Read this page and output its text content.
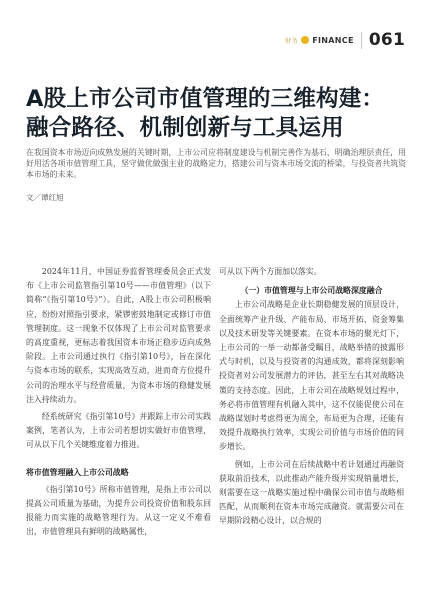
财务 FINANCE 061
A股上市公司市值管理的三维构建：
融合路径、机制创新与工具运用
在我国资本市场迈向成熟发展的关键时期，上市公司应将制度建设与机制完善作为基石，明确治理层责任，用好用活各项市值管理工具，坚守做优做强主业的战略定力，搭建公司与资本市场交流的桥梁，与投资者共筑资本市场的未来。
文／谭红旭

2024年11月，中国证券监督管理委员会正式发布《上市公司监管指引第10号——市值管理》（以下简称“《指引第10号》”）。自此，A股上市公司积极响应，纷纷对照指引要求，紧锣密鼓地制定或修订市值管理制度。这一现象不仅体现了上市公司对监管要求的高度重视，更标志着我国资本市场正稳步迈向成熟阶段。上市公司通过执行《指引第10号》，旨在深化与资本市场的联系，实现高效互动，进而奇方位提升公司的治理水平与经营质量，为资本市场的稳健发展注入持续动力。

经系统研究《指引第10号》并跟踪上市公司实践案例，笔者认为，上市公司若想切实做好市值管理，可从以下几个关键维度着力推进。

将市值管理融入上市公司战略

《指引第10号》所称市值管理，是指上市公司以提高公司质量为基础，为提升公司投资价值和股东回报能力而实施的战略管理行为。从这一定义不难看出，市值管理具有鲜明的战略属性，

可从以下两个方面加以落实。

（一）市值管理与上市公司战略深度融合

上市公司战略是企业长期稳健发展的顶层设计，全面统筹产业升级、产能布局、市场开拓、资金筹集以及技术研发等关键要素。在资本市场的聚光灯下，上市公司的一举一动都备受瞩目，战略举措的披露形式与时机，以及与投资者的沟通成效，都将深刻影响投资者对公司发展潜力的评估，甚至左右其对战略决策的支持态度。因此，上市公司在战略规划过程中，务必将市值管理有机融入其中，这不仅能促使公司在战略谋划时考虑得更为周全，布局更为合理，还能有效提升战略执行效率，实现公司价值与市场价值的同步增长。

例如，上市公司在后续战略中若计划通过再融资获取前沿技术，以此推动产能升级并实现销量增长，则需要在这一战略实施过程中确保公司市值与战略相匹配，从而顺利在资本市场完成融资。就需要公司在早期阶段精心设计，以合规的
